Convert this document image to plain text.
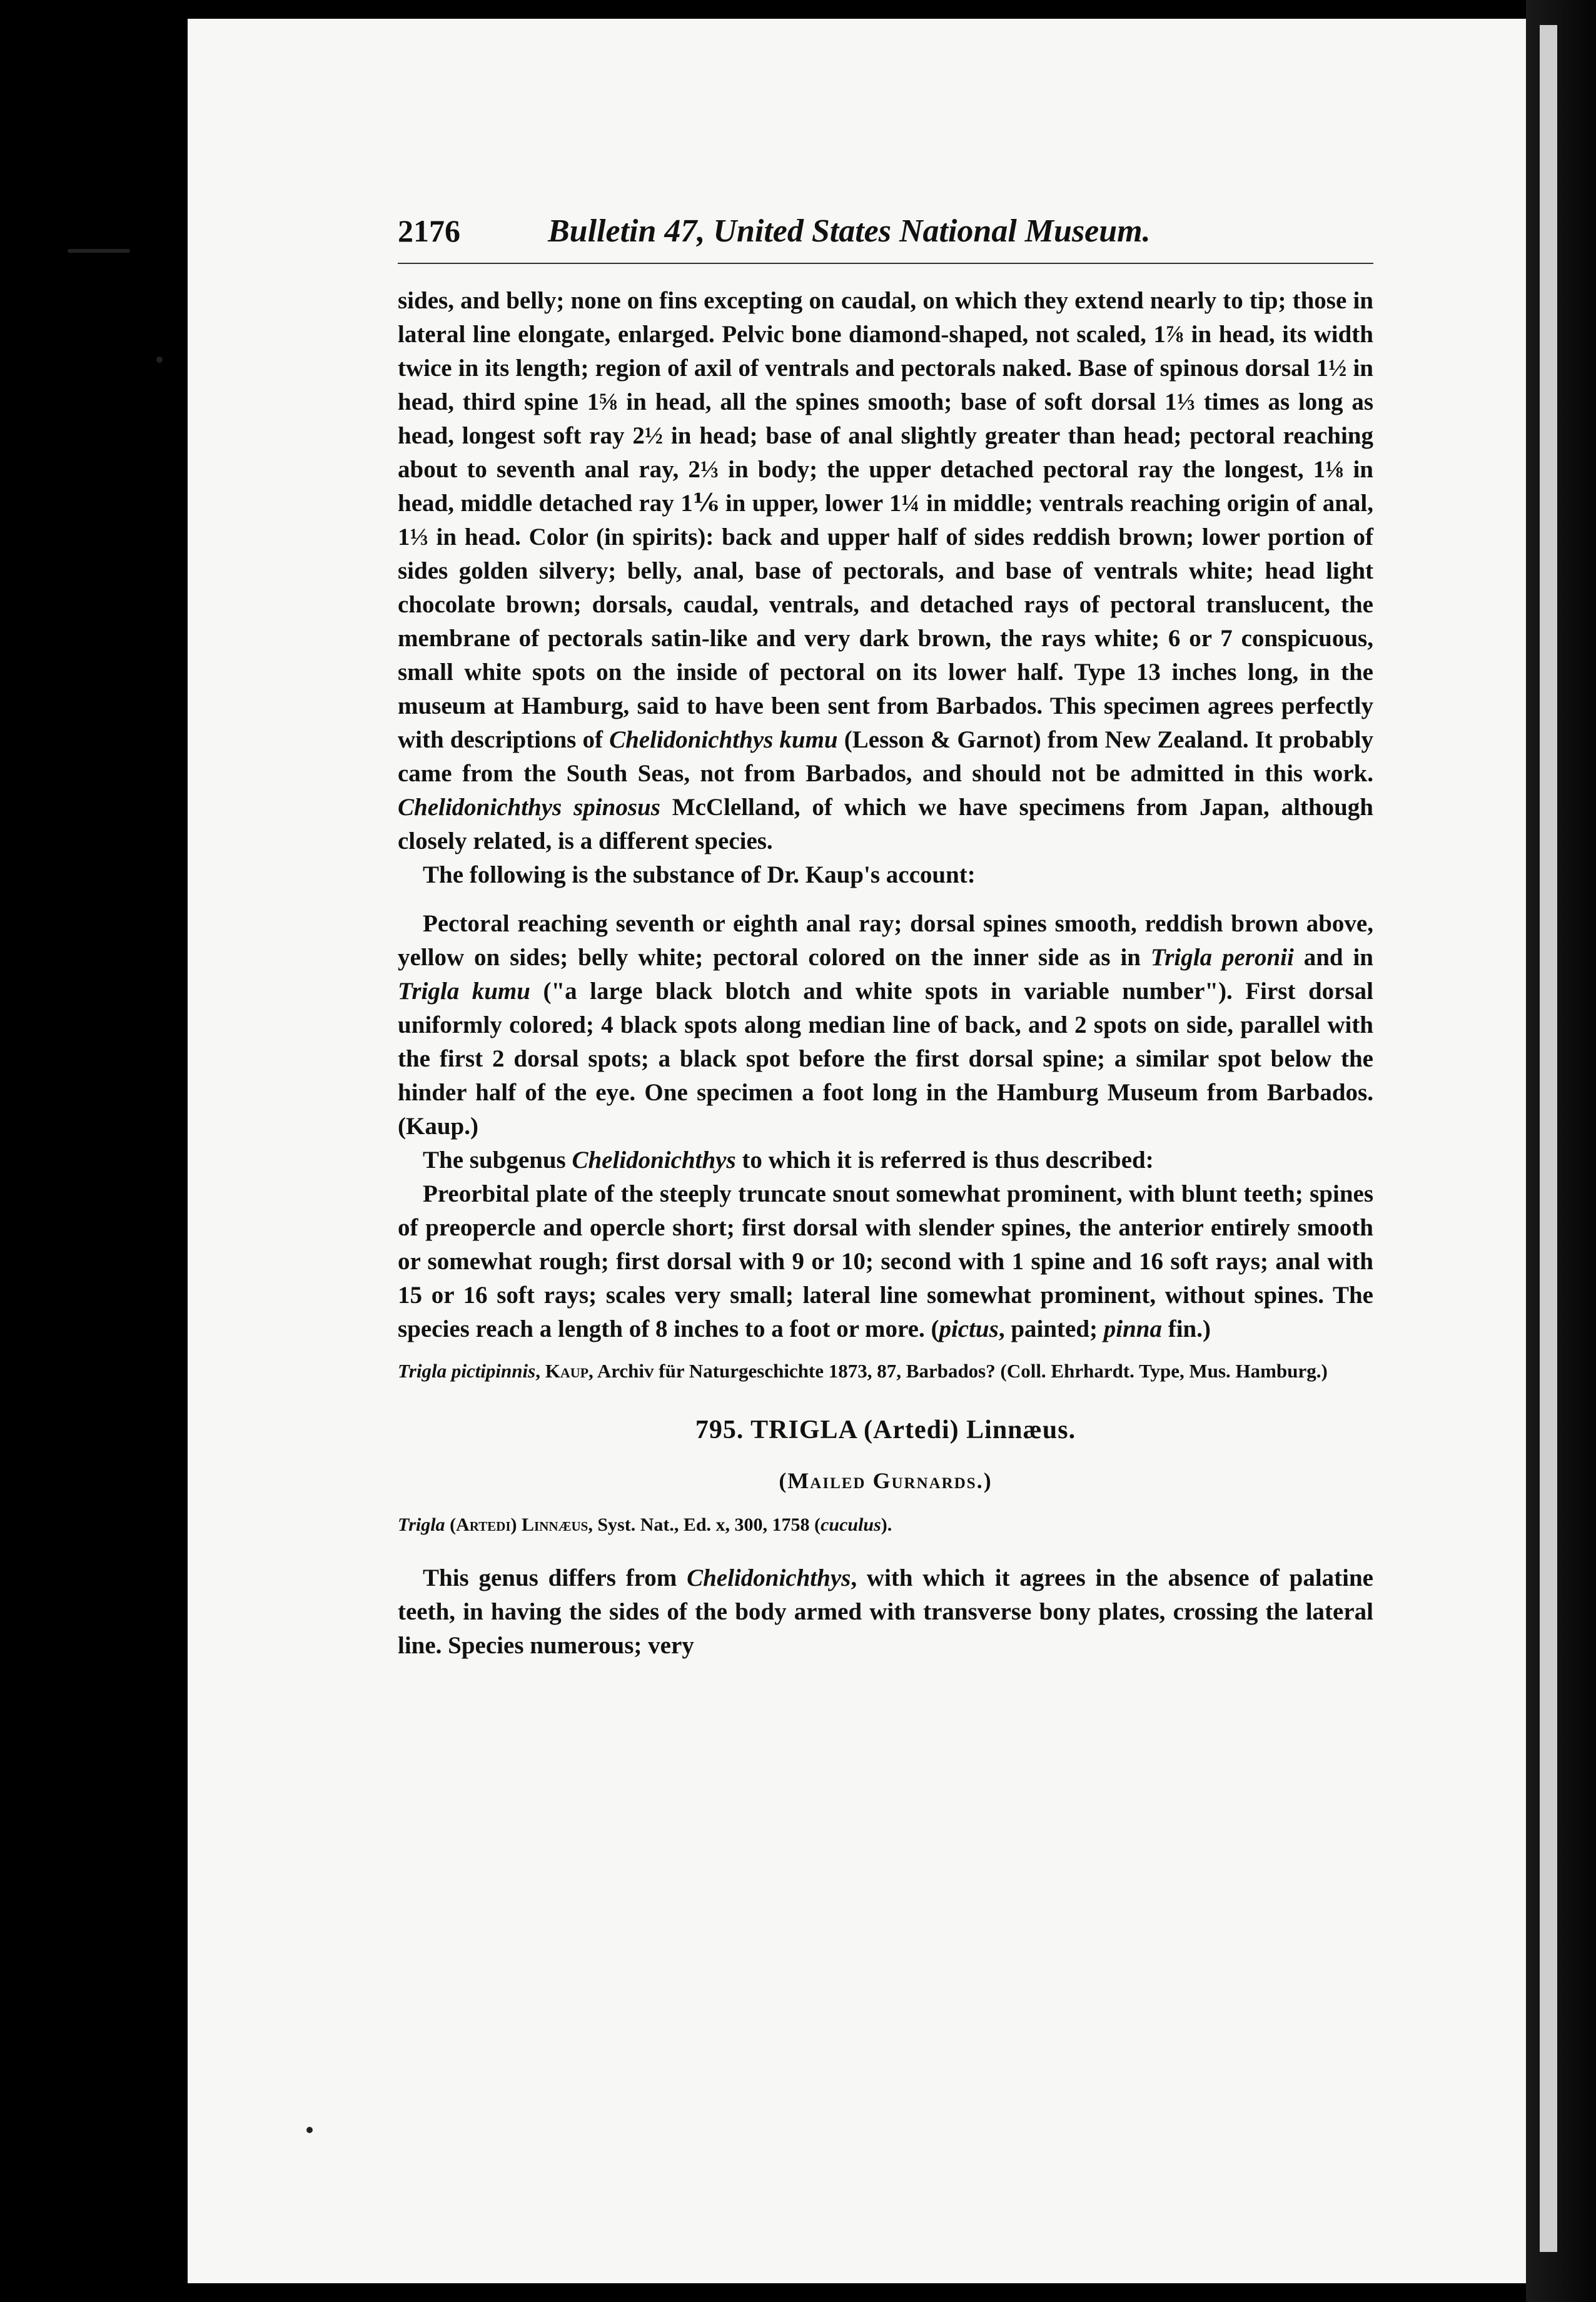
2176	Bulletin 47, United States National Museum.

sides, and belly; none on fins excepting on caudal, on which they extend nearly to tip; those in lateral line elongate, enlarged. Pelvic bone diamond-shaped, not scaled, 1⅞ in head, its width twice in its length; region of axil of ventrals and pectorals naked. Base of spinous dorsal 1½ in head, third spine 1⅝ in head, all the spines smooth; base of soft dorsal 1⅓ times as long as head, longest soft ray 2½ in head; base of anal slightly greater than head; pectoral reaching about to seventh anal ray, 2⅓ in body; the upper detached pectoral ray the longest, 1⅛ in head, middle detached ray 1⅙ in upper, lower 1¼ in middle; ventrals reaching origin of anal, 1⅓ in head. Color (in spirits): back and upper half of sides reddish brown; lower portion of sides golden silvery; belly, anal, base of pectorals, and base of ventrals white; head light chocolate brown; dorsals, caudal, ventrals, and detached rays of pectoral translucent, the membrane of pectorals satin-like and very dark brown, the rays white; 6 or 7 conspicuous, small white spots on the inside of pectoral on its lower half. Type 13 inches long, in the museum at Hamburg, said to have been sent from Barbados. This specimen agrees perfectly with descriptions of Chelidonichthys kumu (Lesson & Garnot) from New Zealand. It probably came from the South Seas, not from Barbados, and should not be admitted in this work. Chelidonichthys spinosus McClelland, of which we have specimens from Japan, although closely related, is a different species.

The following is the substance of Dr. Kaup's account:

Pectoral reaching seventh or eighth anal ray; dorsal spines smooth, reddish brown above, yellow on sides; belly white; pectoral colored on the inner side as in Trigla peronii and in Trigla kumu ("a large black blotch and white spots in variable number"). First dorsal uniformly colored; 4 black spots along median line of back, and 2 spots on side, parallel with the first 2 dorsal spots; a black spot before the first dorsal spine; a similar spot below the hinder half of the eye. One specimen a foot long in the Hamburg Museum from Barbados. (Kaup.)

The subgenus Chelidonichthys to which it is referred is thus described:

Preorbital plate of the steeply truncate snout somewhat prominent, with blunt teeth; spines of preopercle and opercle short; first dorsal with slender spines, the anterior entirely smooth or somewhat rough; first dorsal with 9 or 10; second with 1 spine and 16 soft rays; anal with 15 or 16 soft rays; scales very small; lateral line somewhat prominent, without spines. The species reach a length of 8 inches to a foot or more. (pictus, painted; pinna fin.)

Trigla pictipinnis, Kaup, Archiv für Naturgeschichte 1873, 87, Barbados? (Coll. Ehrhardt. Type, Mus. Hamburg.)

795. TRIGLA (Artedi) Linnæus.
(Mailed Gurnards.)
Trigla (Artedi) Linnæus, Syst. Nat., Ed. x, 300, 1758 (cuculus).

This genus differs from Chelidonichthys, with which it agrees in the absence of palatine teeth, in having the sides of the body armed with transverse bony plates, crossing the lateral line. Species numerous; very
